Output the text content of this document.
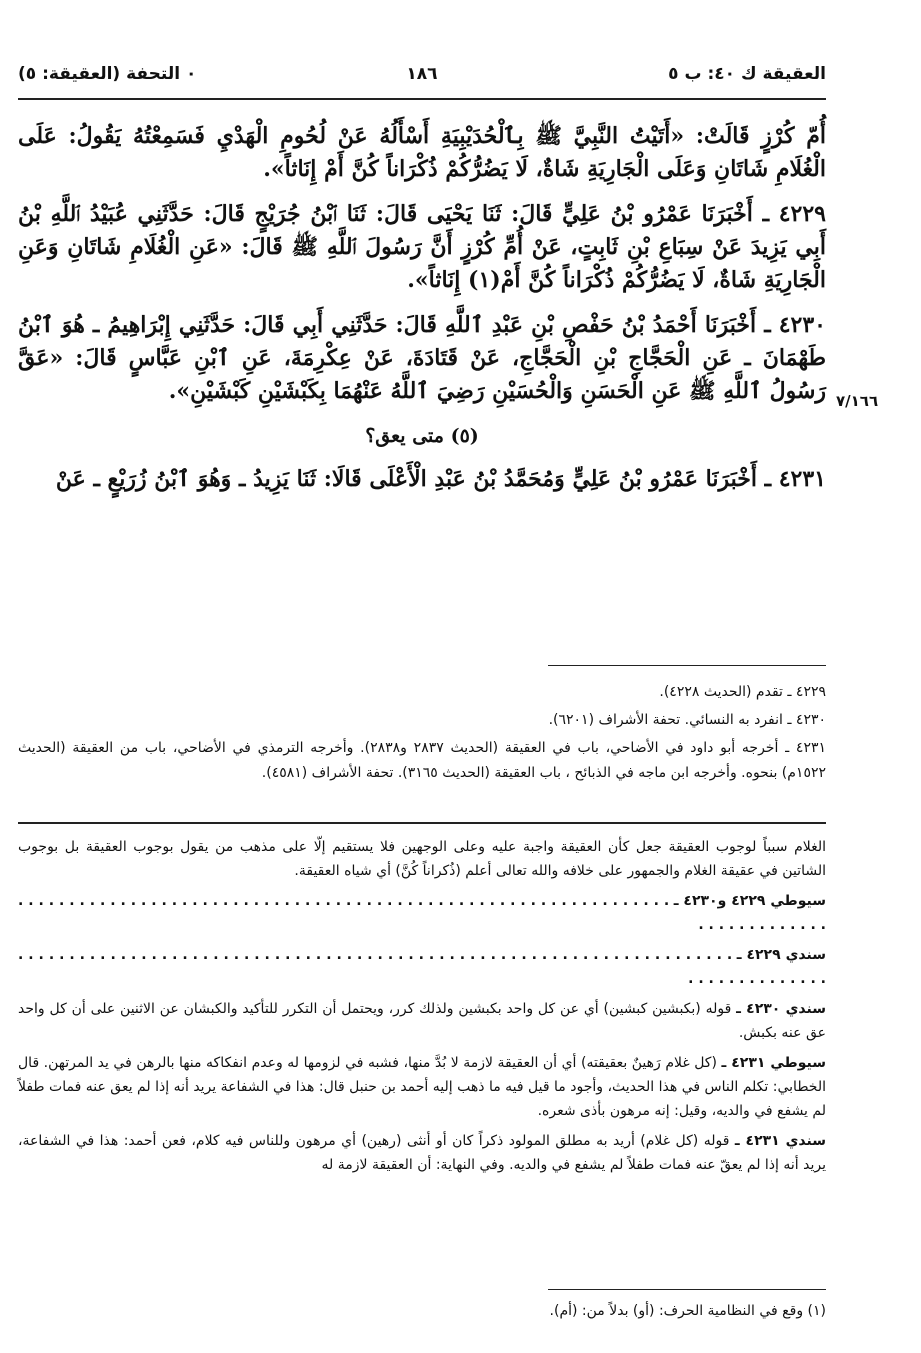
العقيقة ك ٤٠: ب ٥
١٨٦
٠ التحفة (العقيقة: ٥)
٧/١٦٦

أُمّ كُرْزٍ قَالَتْ: «أَتَيْتُ النَّبِيَّ ﷺ بِٱلْحُدَيْبِيَةِ أَسْأَلُهُ عَنْ لُحُومِ الْهَدْيِ فَسَمِعْتُهُ يَقُولُ: عَلَى الْغُلَامِ شَاتَانِ وَعَلَى الْجَارِيَةِ شَاةٌ، لَا يَضُرُّكُمْ ذُكْرَاناً كُنَّ أَمْ إِنَاثاً».

٤٢٢٩ ـ أَخْبَرَنَا عَمْرُو بْنُ عَلِيٍّ قَالَ: ثَنَا يَحْيَى قَالَ: ثَنَا ٱبْنُ جُرَيْجٍ قَالَ: حَدَّثَنِي عُبَيْدُ ٱللَّهِ بْنُ أَبِي يَزِيدَ عَنْ سِبَاعِ بْنِ ثَابِتٍ، عَنْ أُمِّ كُرْزٍ أَنَّ رَسُولَ ٱللَّهِ ﷺ قَالَ: «عَنِ الْغُلَامِ شَاتَانِ وَعَنِ الْجَارِيَةِ شَاةٌ، لَا يَضُرُّكُمْ ذُكْرَاناً كُنَّ أَمْ(١) إِنَاثاً».

٤٢٣٠ ـ أَخْبَرَنَا أَحْمَدُ بْنُ حَفْصِ بْنِ عَبْدِ ٱللَّهِ قَالَ: حَدَّثَنِي أَبِي قَالَ: حَدَّثَنِي إِبْرَاهِيمُ ـ هُوَ ٱبْنُ طَهْمَانَ ـ عَنِ الْحَجَّاجِ بْنِ الْحَجَّاجِ، عَنْ قَتَادَةَ، عَنْ عِكْرِمَةَ، عَنِ ٱبْنِ عَبَّاسٍ قَالَ: «عَقَّ رَسُولُ ٱللَّهِ ﷺ عَنِ الْحَسَنِ وَالْحُسَيْنِ رَضِيَ ٱللَّهُ عَنْهُمَا بِكَبْشَيْنِ كَبْشَيْنِ».

(٥) متى يعق؟

٤٢٣١ ـ أَخْبَرَنَا عَمْرُو بْنُ عَلِيٍّ وَمُحَمَّدُ بْنُ عَبْدِ الْأَعْلَى قَالَا: ثَنَا يَزِيدُ ـ وَهُوَ ٱبْنُ زُرَيْعٍ ـ عَنْ

٤٢٢٩ ـ تقدم (الحديث ٤٢٢٨).

٤٢٣٠ ـ انفرد به النسائي. تحفة الأشراف (٦٢٠١).

٤٢٣١ ـ أخرجه أبو داود في الأضاحي، باب في العقيقة (الحديث ٢٨٣٧ و٢٨٣٨). وأخرجه الترمذي في الأضاحي، باب من العقيقة (الحديث ١٥٢٢م) بنحوه. وأخرجه ابن ماجه في الذبائح ، باب العقيقة (الحديث ٣١٦٥). تحفة الأشراف (٤٥٨١).

الغلام سبباً لوجوب العقيقة جعل كأن العقيقة واجبة عليه وعلى الوجهين فلا يستقيم إلّا على مذهب من يقول بوجوب العقيقة بل بوجوب الشاتين في عقيقة الغلام والجمهور على خلافه والله تعالى أعلم (ذُكراناً كُنَّ) أي شياه العقيقة.

سيوطي ٤٢٢٩ و٤٢٣٠ ـ . . . . . . . . . . . . . . . . . . . . . . . . . . . . . . . . . . . . . . . . . . . . . . . . . . . . . . . . . . . . . . . . . . . . . . . . . . . . .

سندي ٤٢٢٩ ـ . . . . . . . . . . . . . . . . . . . . . . . . . . . . . . . . . . . . . . . . . . . . . . . . . . . . . . . . . . . . . . . . . . . . . . . . . . . . . . . . . . . .

سندي ٤٢٣٠ ـ قوله (بكبشين كبشين) أي عن كل واحد بكبشين ولذلك كرر، ويحتمل أن التكرر للتأكيد والكبشان عن الاثنين على أن كل واحد عق عنه بكبش.

سيوطي ٤٢٣١ ـ (كل غلام رَهينٌ بعقيقته) أي أن العقيقة لازمة لا بُدَّ منها، فشبه في لزومها له وعدم انفكاكه منها بالرهن في يد المرتهن. قال الخطابي: تكلم الناس في هذا الحديث، وأجود ما قيل فيه ما ذهب إليه أحمد بن حنبل قال: هذا في الشفاعة يريد أنه إذا لم يعق عنه فمات طفلاً لم يشفع في والديه، وقيل: إنه مرهون بأذى شعره.

سندي ٤٢٣١ ـ قوله (كل غلام) أريد به مطلق المولود ذكراً كان أو أنثى (رهين) أي مرهون وللناس فيه كلام، فعن أحمد: هذا في الشفاعة، يريد أنه إذا لم يعقّ عنه فمات طفلاً لم يشفع في والديه. وفي النهاية: أن العقيقة لازمة له

(١) وقع في النظامية الحرف: (أو) بدلاً من: (أم).
